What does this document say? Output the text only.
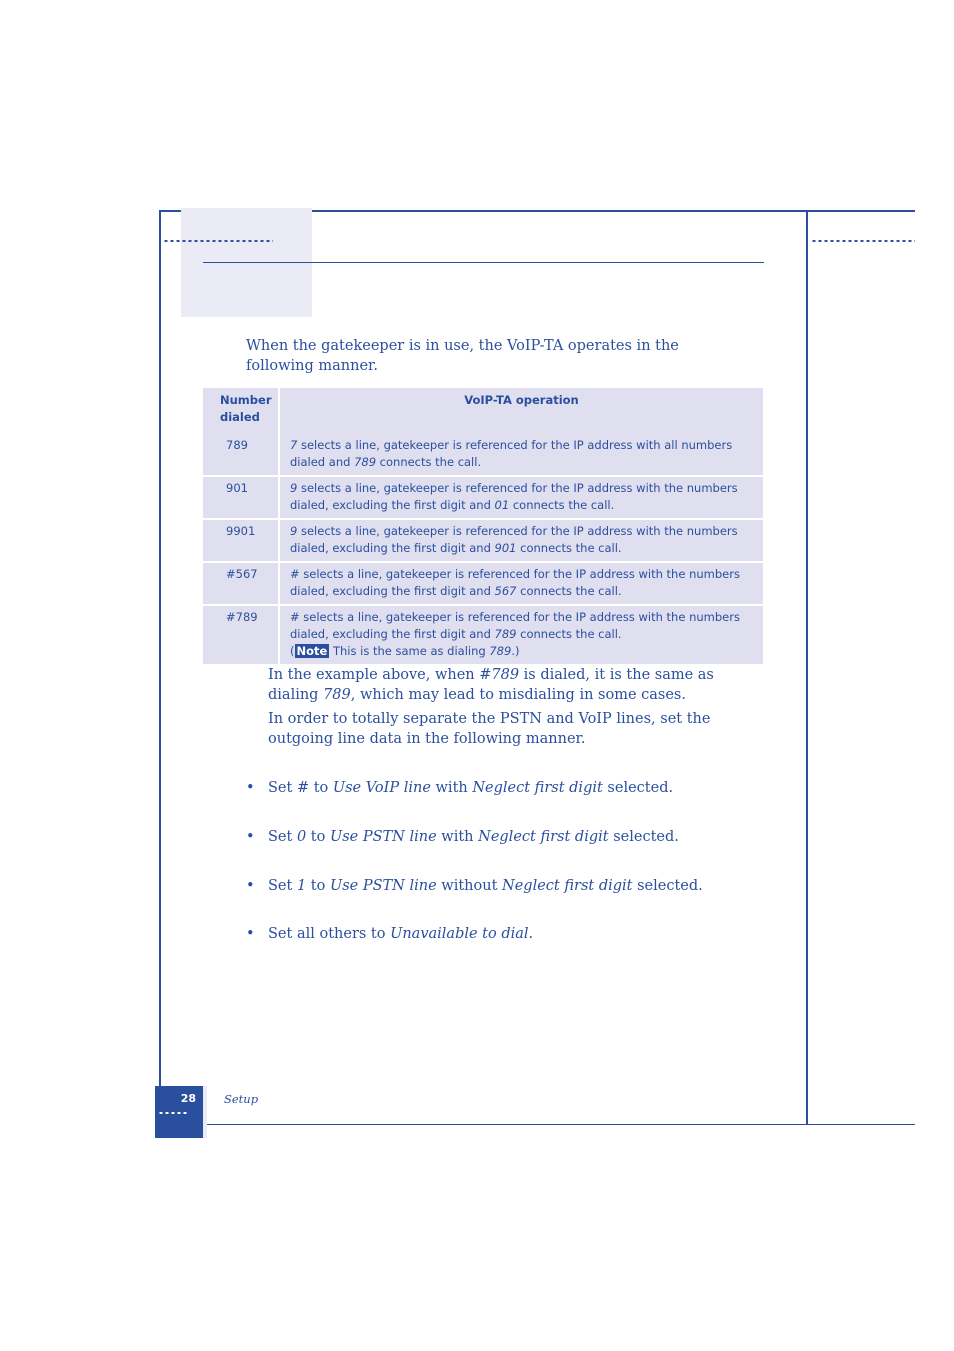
When the gatekeeper is in use, the VoIP-TA operates in the following manner.
Number dialed	VoIP-TA operation
789	7 selects a line, gatekeeper is referenced for the IP address with all numbers dialed and 789 connects the call.
901	9 selects a line, gatekeeper is referenced for the IP address with the numbers dialed, excluding the first digit and 01 connects the call.
9901	9 selects a line, gatekeeper is referenced for the IP address with the numbers dialed, excluding the first digit and 901 connects the call.
#567	# selects a line, gatekeeper is referenced for the IP address with the numbers dialed, excluding the first digit and 567 connects the call.
#789	# selects a line, gatekeeper is referenced for the IP address with the numbers dialed, excluding the first digit and 789 connects the call.
( Note This is the same as dialing 789.)
In the example above, when #789 is dialed, it is the same as dialing 789, which may lead to misdialing in some cases.
In order to totally separate the PSTN and VoIP lines, set the outgoing line data in the following manner.
• Set # to Use VoIP line with Neglect first digit selected.
• Set 0 to Use PSTN line with Neglect first digit selected.
• Set 1 to Use PSTN line without Neglect first digit selected.
• Set all others to Unavailable to dial.
28 Setup
